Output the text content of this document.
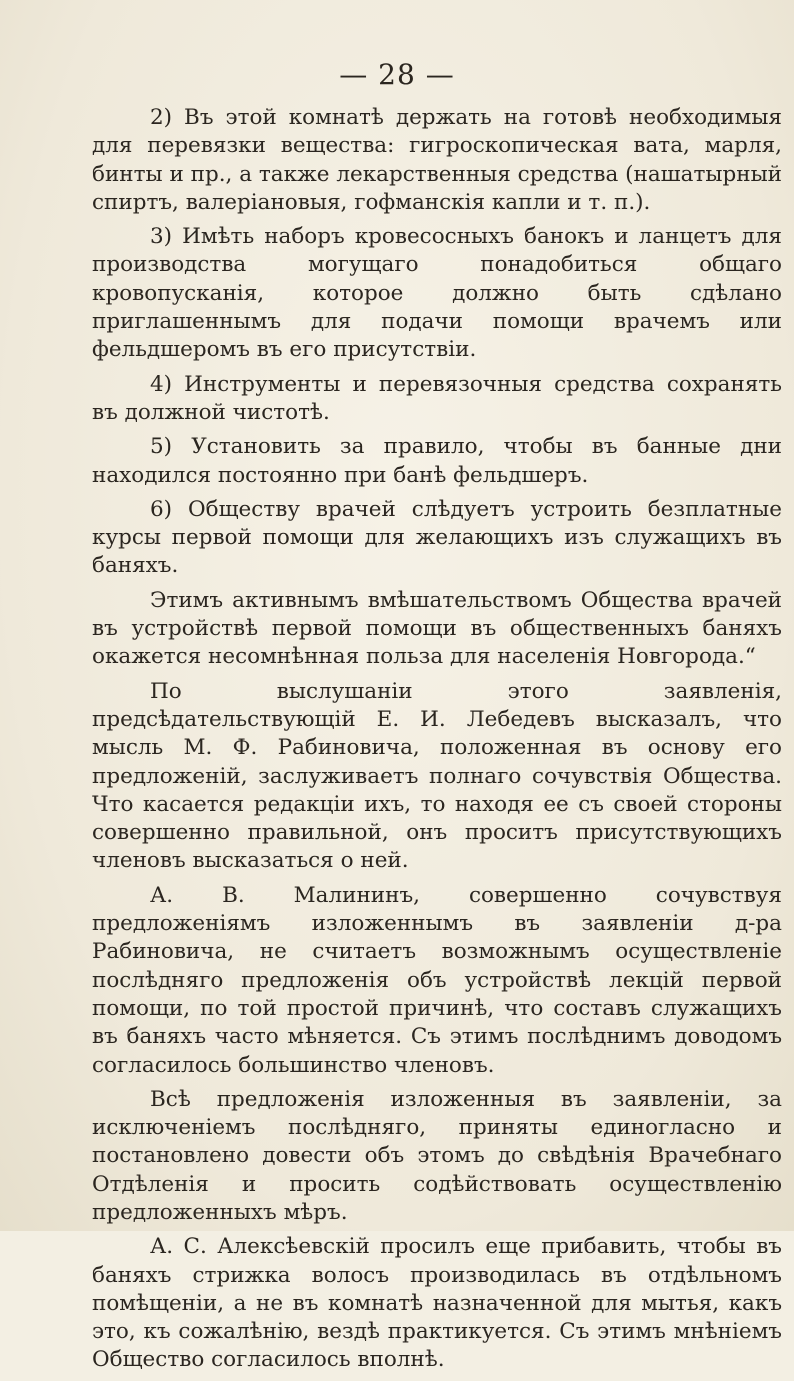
— 28 —

2) Въ этой комнатѣ держать на готовѣ необходимыя для перевязки вещества: гигроскопическая вата, марля, бинты и пр., а также лекарственныя средства (нашатырный спиртъ, валеріановыя, гофманскія капли и т. п.).

3) Имѣть наборъ кровесосныхъ банокъ и ланцетъ для производства могущаго понадобиться общаго кровопусканія, которое должно быть сдѣлано приглашеннымъ для подачи помощи врачемъ или фельдшеромъ въ его присутствіи.

4) Инструменты и перевязочныя средства сохранять въ должной чистотѣ.

5) Установить за правило, чтобы въ банные дни находился постоянно при банѣ фельдшеръ.

6) Обществу врачей слѣдуетъ устроить безплатные курсы первой помощи для желающихъ изъ служащихъ въ баняхъ.

Этимъ активнымъ вмѣшательствомъ Общества врачей въ устройствѣ первой помощи въ общественныхъ баняхъ окажется несомнѣнная польза для населенія Новгорода.“

По выслушаніи этого заявленія, предсѣдательствующій Е. И. Лебедевъ высказалъ, что мысль М. Ф. Рабиновича, положенная въ основу его предложеній, заслуживаетъ полнаго сочувствія Общества. Что касается редакціи ихъ, то находя ее съ своей стороны совершенно правильной, онъ проситъ присутствующихъ членовъ высказаться о ней.

А. В. Малининъ, совершенно сочувствуя предложеніямъ изложеннымъ въ заявленіи д-ра Рабиновича, не считаетъ возможнымъ осуществленіе послѣдняго предложенія объ устройствѣ лекцій первой помощи, по той простой причинѣ, что составъ служащихъ въ баняхъ часто мѣняется. Съ этимъ послѣднимъ доводомъ согласилось большинство членовъ.

Всѣ предложенія изложенныя въ заявленіи, за исключеніемъ послѣдняго, приняты единогласно и постановлено довести объ этомъ до свѣдѣнія Врачебнаго Отдѣленія и просить содѣйствовать осуществленію предложенныхъ мѣръ.

А. С. Алексѣевскій просилъ еще прибавить, чтобы въ баняхъ стрижка волосъ производилась въ отдѣльномъ помѣщеніи, а не въ комнатѣ назначенной для мытья, какъ это, къ сожалѣнію, вездѣ практикуется. Съ этимъ мнѣніемъ Общество согласилось вполнѣ.
